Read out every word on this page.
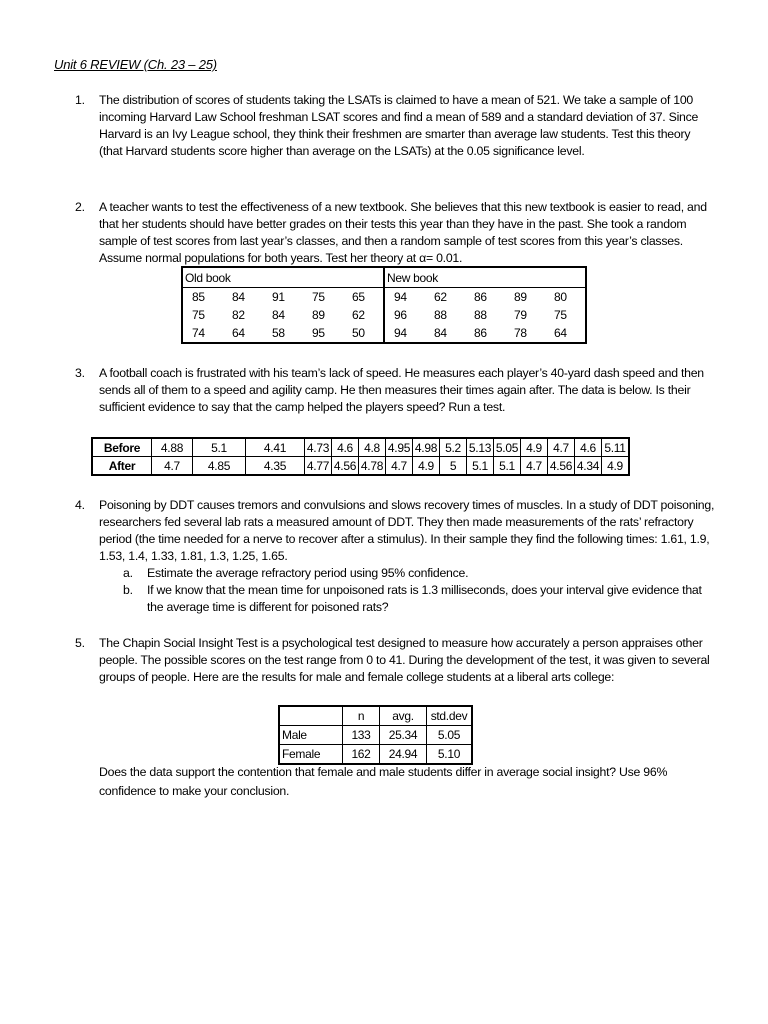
Unit 6 REVIEW (Ch. 23 – 25)
1. The distribution of scores of students taking the LSATs is claimed to have a mean of 521. We take a sample of 100 incoming Harvard Law School freshman LSAT scores and find a mean of 589 and a standard deviation of 37. Since Harvard is an Ivy League school, they think their freshmen are smarter than average law students. Test this theory (that Harvard students score higher than average on the LSATs) at the 0.05 significance level.

2. A teacher wants to test the effectiveness of a new textbook. She believes that this new textbook is easier to read, and that her students should have better grades on their tests this year than they have in the past. She took a random sample of test scores from last year’s classes, and then a random sample of test scores from this year’s classes. Assume normal populations for both years. Test her theory at α= 0.01.

Old book					New book				
85	84	91	75	65	94	62	86	89	80
75	82	84	89	62	96	88	88	79	75
74	64	58	95	50	94	84	86	78	64
3. A football coach is frustrated with his team’s lack of speed. He measures each player’s 40-yard dash speed and then sends all of them to a speed and agility camp. He then measures their times again after. The data is below. Is their sufficient evidence to say that the camp helped the players speed? Run a test.

Before	4.88	5.1	4.41	4.73	4.6	4.8	4.95	4.98	5.2	5.13	5.05	4.9	4.7	4.6	5.11
After	4.7	4.85	4.35	4.77	4.56	4.78	4.7	4.9	5	5.1	5.1	4.7	4.56	4.34	4.9
4. Poisoning by DDT causes tremors and convulsions and slows recovery times of muscles. In a study of DDT poisoning, researchers fed several lab rats a measured amount of DDT. They then made measurements of the rats’ refractory period (the time needed for a nerve to recover after a stimulus). In their sample they find the following times: 1.61, 1.9, 1.53, 1.4, 1.33, 1.81, 1.3, 1.25, 1.65.

a. Estimate the average refractory period using 95% confidence.
b. If we know that the mean time for unpoisoned rats is 1.3 milliseconds, does your interval give evidence that the average time is different for poisoned rats?
5. The Chapin Social Insight Test is a psychological test designed to measure how accurately a person appraises other people. The possible scores on the test range from 0 to 41. During the development of the test, it was given to several groups of people. Here are the results for male and female college students at a liberal arts college:

	n	avg.	std.dev
Male	133	25.34	5.05
Female	162	24.94	5.10

Does the data support the contention that female and male students differ in average social insight? Use 96% confidence to make your conclusion.
